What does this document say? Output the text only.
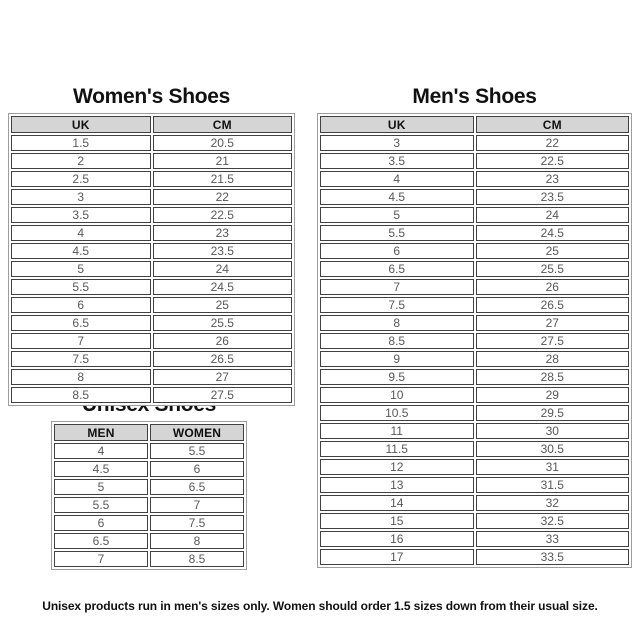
Women's Shoes	Men's Shoes
UK	CM
1.5	20.5
2	21
2.5	21.5
3	22
3.5	22.5
4	23
4.5	23.5
5	24
5.5	24.5
6	25
6.5	25.5
7	26
7.5	26.5
8	27
8.5	27.5
UK	CM
3	22
3.5	22.5
4	23
4.5	23.5
5	24
5.5	24.5
6	25
6.5	25.5
7	26
7.5	26.5
8	27
8.5	27.5
9	28
9.5	28.5
10	29
10.5	29.5
11	30
11.5	30.5
12	31
13	31.5
14	32
15	32.5
16	33
17	33.5
MEN	WOMEN
4	5.5
4.5	6
5	6.5
5.5	7
6	7.5
6.5	8
7	8.5
Unisex products run in men's sizes only. Women should order 1.5 sizes down from their usual size.
